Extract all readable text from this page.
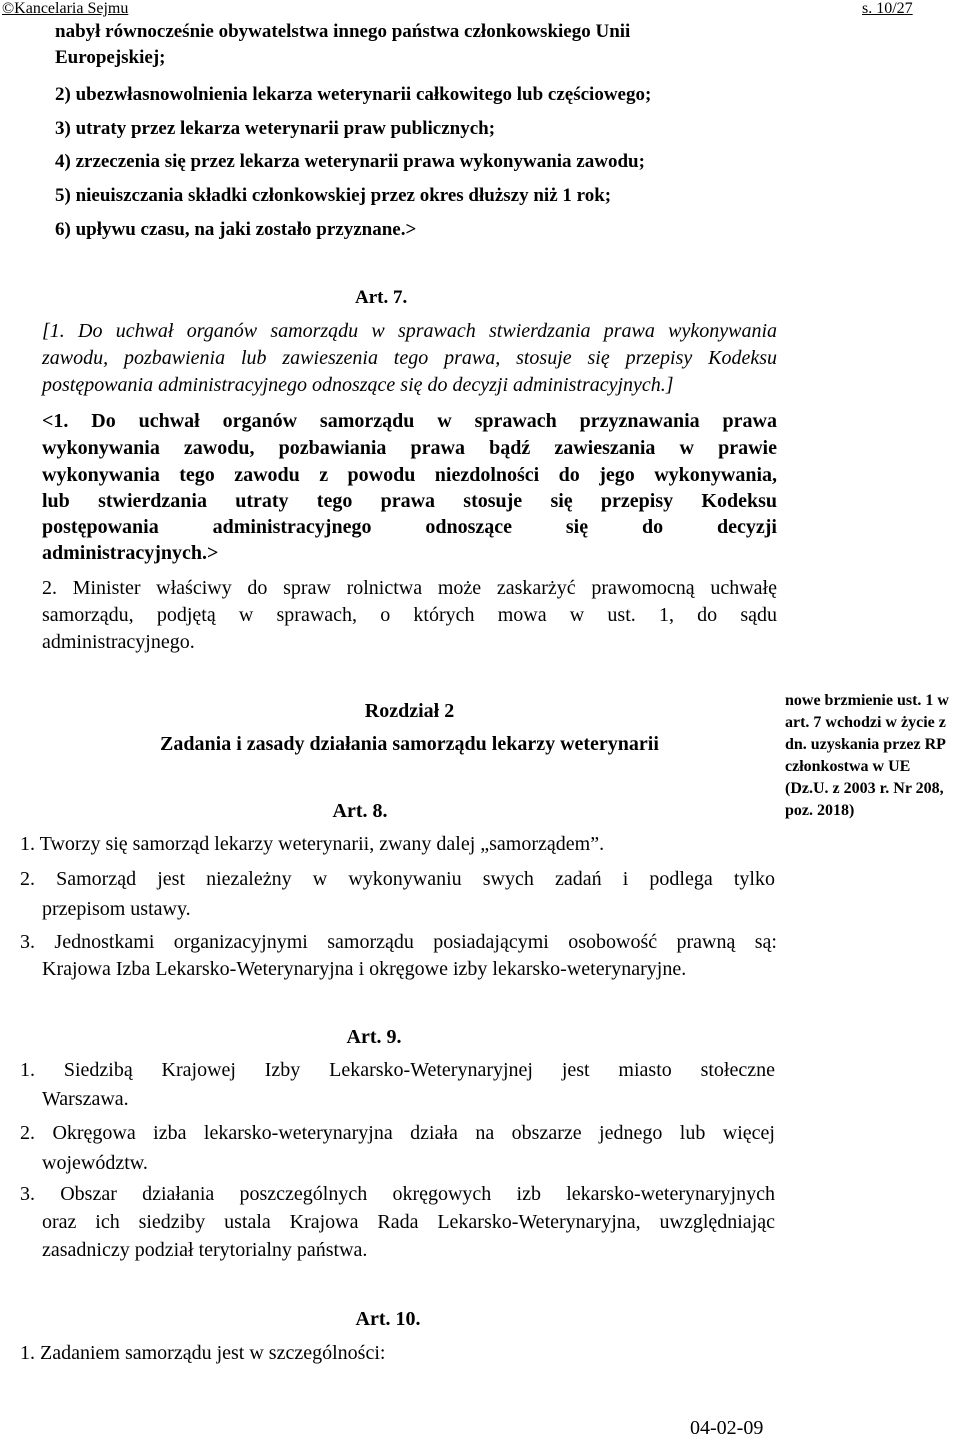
©Kancelaria Sejmu	s. 10/27
nabył równocześnie obywatelstwa innego państwa członkowskiego Unii
Europejskiej;
2) ubezwłasnowolnienia lekarza weterynarii całkowitego lub częściowego;
3) utraty przez lekarza weterynarii praw publicznych;
4) zrzeczenia się przez lekarza weterynarii prawa wykonywania zawodu;
5) nieuiszczania składki członkowskiej przez okres dłuższy niż 1 rok;
6) upływu czasu, na jaki zostało przyznane.>
Art. 7.
[1. Do uchwał organów samorządu w sprawach stwierdzania prawa wykonywania
zawodu, pozbawienia lub zawieszenia tego prawa, stosuje się przepisy Kodeksu
postępowania administracyjnego odnoszące się do decyzji administracyjnych.]
<1. Do uchwał organów samorządu w sprawach przyznawania prawa
wykonywania zawodu, pozbawiania prawa bądź zawieszania w prawie
wykonywania tego zawodu z powodu niezdolności do jego wykonywania,
lub stwierdzania utraty tego prawa stosuje się przepisy Kodeksu
postępowania administracyjnego odnoszące się do decyzji
administracyjnych.>
2. Minister właściwy do spraw rolnictwa może zaskarżyć prawomocną uchwałę
samorządu, podjętą w sprawach, o których mowa w ust. 1, do sądu
administracyjnego.
nowe brzmienie ust. 1 w art. 7 wchodzi w życie z dn. uzyskania przez RP członkostwa w UE (Dz.U. z 2003 r. Nr 208, poz. 2018)
Rozdział 2
Zadania i zasady działania samorządu lekarzy weterynarii
Art. 8.
1. Tworzy się samorząd lekarzy weterynarii, zwany dalej „samorządem”.
2. Samorząd jest niezależny w wykonywaniu swych zadań i podlega tylko
przepisom ustawy.
3. Jednostkami organizacyjnymi samorządu posiadającymi osobowość prawną są:
Krajowa Izba Lekarsko-Weterynaryjna i okręgowe izby lekarsko-weterynaryjne.
Art. 9.
1. Siedzibą Krajowej Izby Lekarsko-Weterynaryjnej jest miasto stołeczne
Warszawa.
2. Okręgowa izba lekarsko-weterynaryjna działa na obszarze jednego lub więcej
województw.
3. Obszar działania poszczególnych okręgowych izb lekarsko-weterynaryjnych
oraz ich siedziby ustala Krajowa Rada Lekarsko-Weterynaryjna, uwzględniając
zasadniczy podział terytorialny państwa.
Art. 10.
1. Zadaniem samorządu jest w szczególności:
04-02-09
